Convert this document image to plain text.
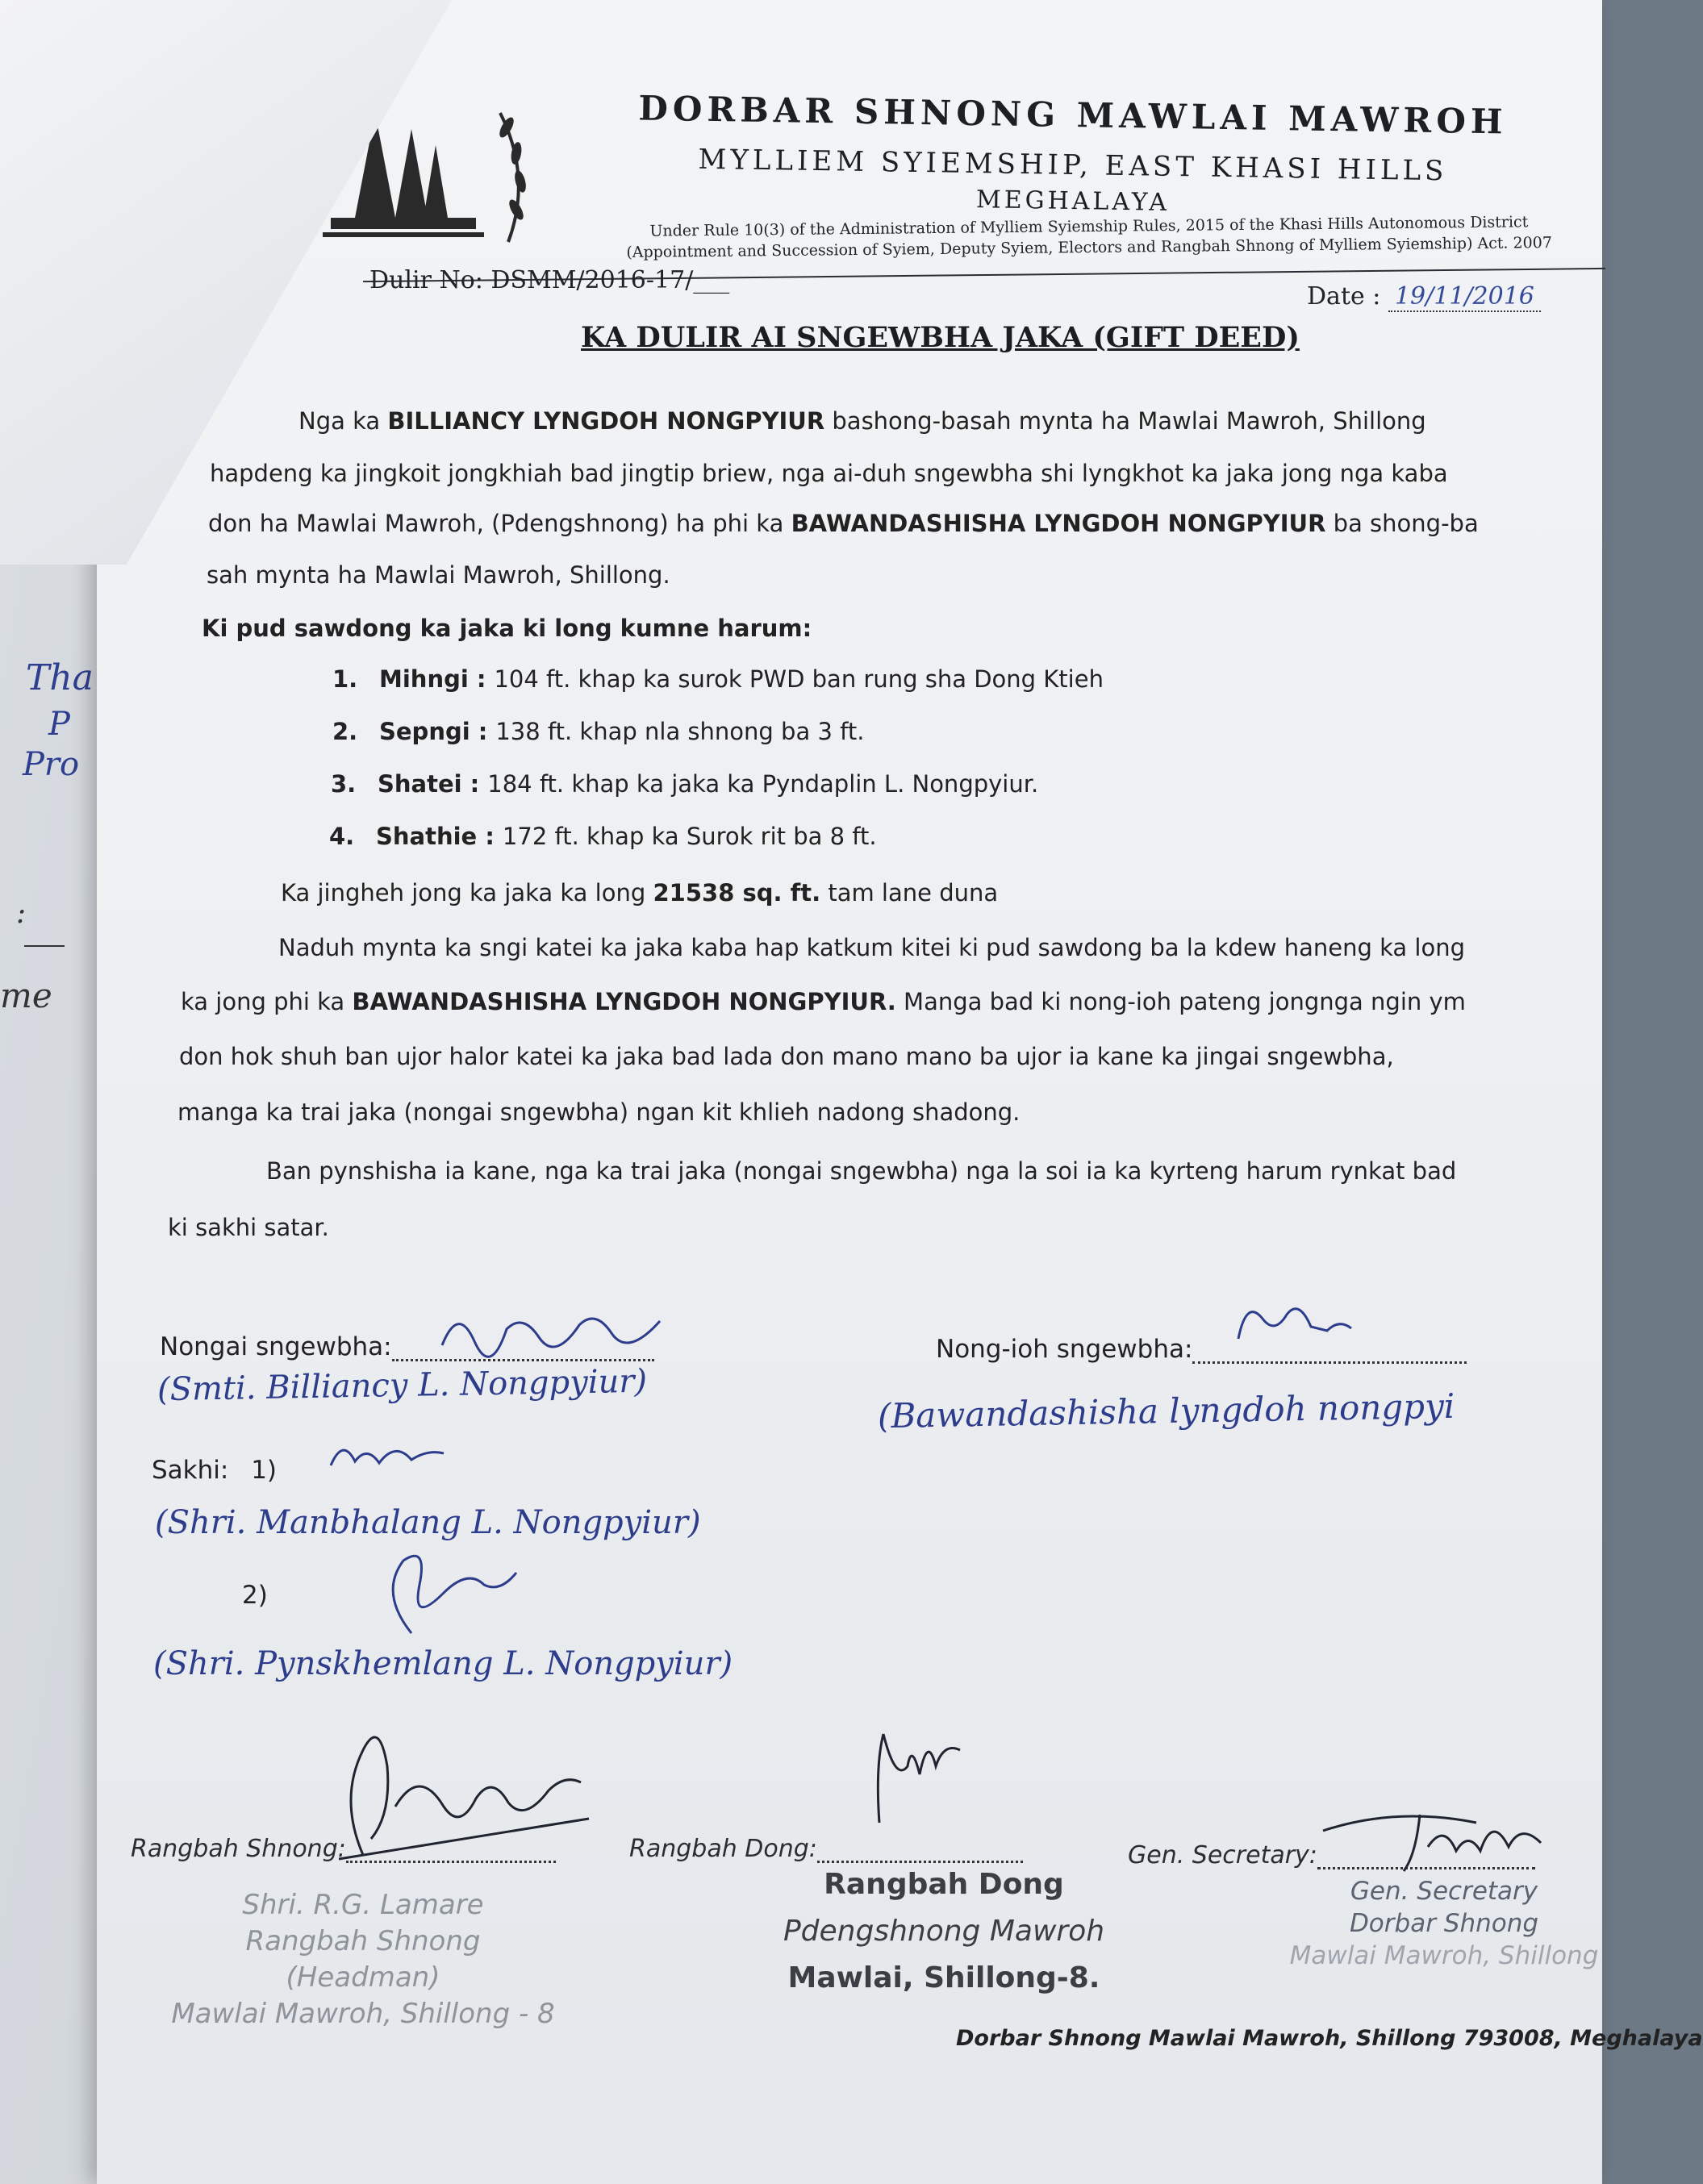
Tha
P
Pro
:
me
DORBAR SHNONG MAWLAI MAWROH
MYLLIEM SYIEMSHIP, EAST KHASI HILLS
MEGHALAYA
Under Rule 10(3) of the Administration of Mylliem Syiemship Rules, 2015 of the Khasi Hills Autonomous District
(Appointment and Succession of Syiem, Deputy Syiem, Electors and Rangbah Shnong of Mylliem Syiemship) Act. 2007
Dulir No: DSMM/2016-17/___
Date : 19/11/2016
KA DULIR AI SNGEWBHA JAKA (GIFT DEED)
Nga ka BILLIANCY LYNGDOH NONGPYIUR bashong-basah mynta ha Mawlai Mawroh, Shillong
hapdeng ka jingkoit jongkhiah bad jingtip briew, nga ai-duh sngewbha shi lyngkhot ka jaka jong nga kaba
don ha Mawlai Mawroh, (Pdengshnong) ha phi ka BAWANDASHISHA LYNGDOH NONGPYIUR ba shong-ba
sah mynta ha Mawlai Mawroh, Shillong.
Ki pud sawdong ka jaka ki long kumne harum:
1. Mihngi : 104 ft. khap ka surok PWD ban rung sha Dong Ktieh
2. Sepngi : 138 ft. khap nla shnong ba 3 ft.
3. Shatei : 184 ft. khap ka jaka ka Pyndaplin L. Nongpyiur.
4. Shathie : 172 ft. khap ka Surok rit ba 8 ft.
Ka jingheh jong ka jaka ka long 21538 sq. ft. tam lane duna
Naduh mynta ka sngi katei ka jaka kaba hap katkum kitei ki pud sawdong ba la kdew haneng ka long
ka jong phi ka BAWANDASHISHA LYNGDOH NONGPYIUR. Manga bad ki nong-ioh pateng jongnga ngin ym
don hok shuh ban ujor halor katei ka jaka bad lada don mano mano ba ujor ia kane ka jingai sngewbha,
manga ka trai jaka (nongai sngewbha) ngan kit khlieh nadong shadong.
Ban pynshisha ia kane, nga ka trai jaka (nongai sngewbha) nga la soi ia ka kyrteng harum rynkat bad
ki sakhi satar.
Nongai sngewbha:
(Smti. Billiancy L. Nongpyiur)
Nong-ioh sngewbha:
(Bawandashisha lyngdoh nongpyi
Sakhi: 1)
(Shri. Manbhalang L. Nongpyiur)
2)
(Shri. Pynskhemlang L. Nongpyiur)
Rangbah Shnong:
Shri. R.G. Lamare
Rangbah Shnong
(Headman)
Mawlai Mawroh, Shillong - 8
Rangbah Dong:
Rangbah Dong
Pdengshnong Mawroh
Mawlai, Shillong-8.
Gen. Secretary:
Gen. Secretary
Dorbar Shnong
Mawlai Mawroh, Shillong
Dorbar Shnong Mawlai Mawroh, Shillong 793008, Meghalaya
